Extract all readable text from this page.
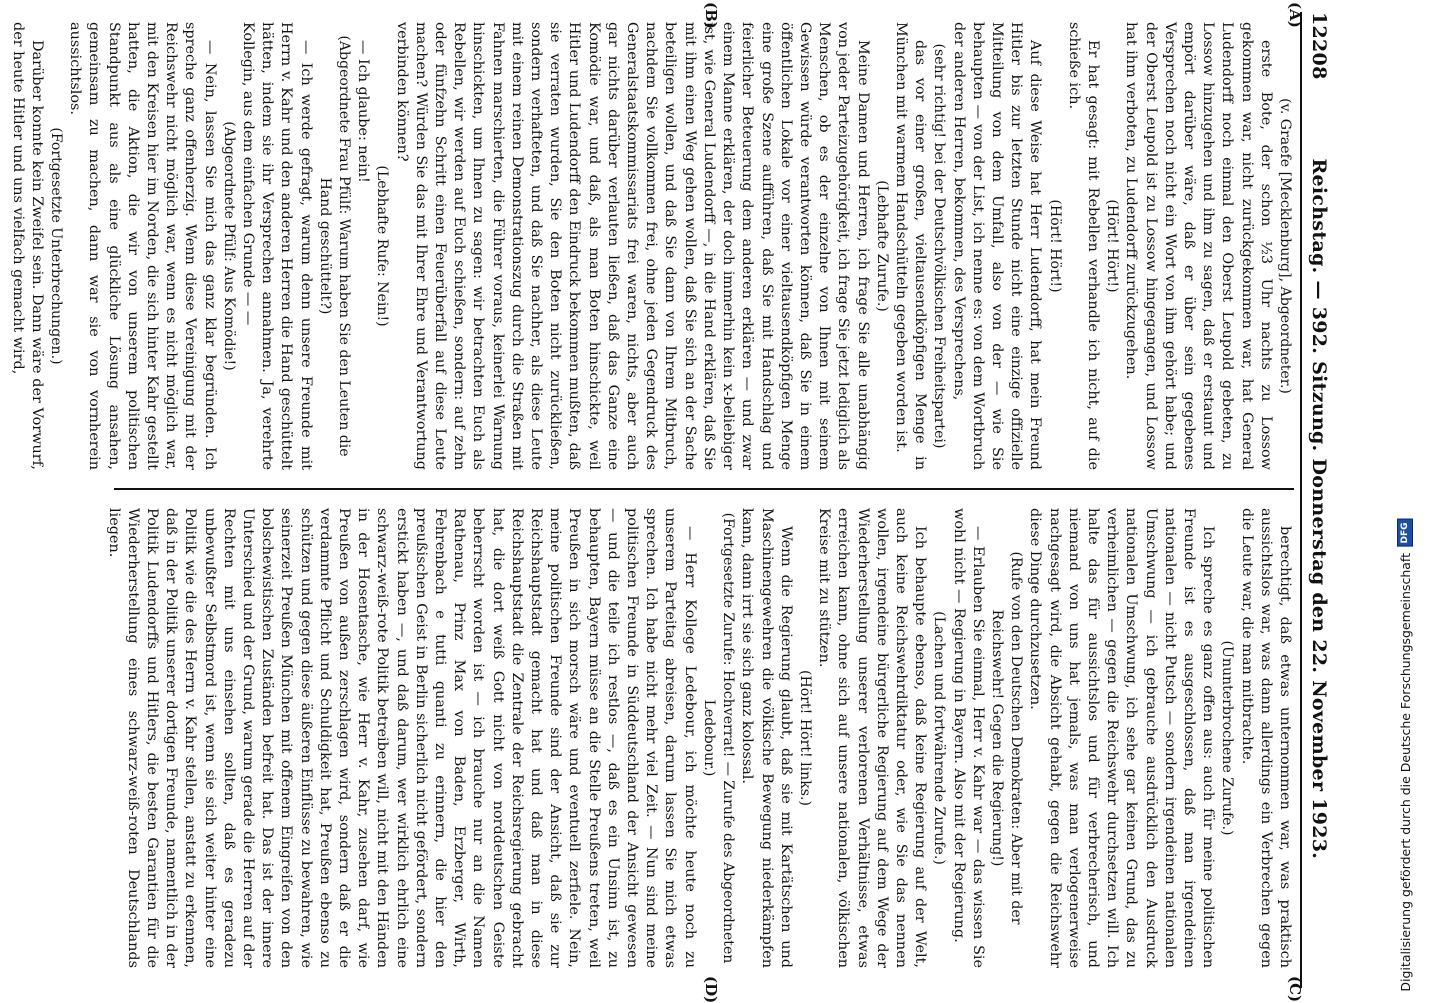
12208
Reichstag. — 392. Sitzung. Donnerstag den 22. November 1923.
(A)
(B)
(C)
(D)

(v. Graefe [Mecklenburg], Abgeordneter.)

erste Bote, der schon ½3 Uhr nachts zu Lossow gekommen war, nicht zurückgekommen war, hat General Ludendorff noch einmal den Oberst Leupold gebeten, zu Lossow hinzugehen und ihm zu sagen, daß er erstaunt und empört darüber wäre, daß er über sein gegebenes Versprechen noch nicht ein Wort von ihm gehört habe; und der Oberst Leupold ist zu Lossow hingegangen, und Lossow hat ihm verboten, zu Ludendorff zurückzugehen.

(Hört! Hört!)

Er hat gesagt: mit Rebellen verhandle ich nicht, auf die schieße ich.

(Hört! Hört!)

Auf diese Weise hat Herr Ludendorff, hat mein Freund Hitler bis zur letzten Stunde nicht eine einzige offizielle Mitteilung von dem Umfall, also von der — wie Sie behaupten — von der List, ich nenne es: von dem Wortbruch der anderen Herren, bekommen, des Versprechens,

(sehr richtig! bei der Deutschvölkischen Freiheitspartei)

das vor einer großen, vieltausendköpfigen Menge in München mit warmem Handschütteln gegeben worden ist.

(Lebhafte Zurufe.)

Meine Damen und Herren, ich frage Sie alle unabhängig von jeder Parteizugehörigkeit, ich frage Sie jetzt lediglich als Menschen, ob es der einzelne von Ihnen mit seinem Gewissen würde verantworten können, daß Sie in einem öffentlichen Lokale vor einer vieltausendköpfigen Menge eine große Szene aufführen, daß Sie mit Handschlag und feierlicher Beteuerung dem anderen erklären — und zwar einem Manne erklären, der doch immerhin kein x-beliebiger ist, wie General Ludendorff —, in die Hand erklären, daß Sie mit ihm einen Weg gehen wollen, daß Sie sich an der Sache beteiligen wollen, und daß Sie dann von Ihrem Mitbruch, nachdem Sie vollkommen frei, ohne jeden Gegendruck des Generalstaatskommissariats frei waren, nichts, aber auch gar nichts darüber verlauten ließen, daß das Ganze eine Komödie war, und daß, als man Boten hinschickte, weil Hitler und Ludendorff den Eindruck bekommen mußten, daß sie verraten wurden, Sie den Boten nicht zurückließen, sondern verhafteten, und daß Sie nachher, als diese Leute mit einem reinen Demonstrationszug durch die Straßen mit Fahnen marschierten, die Führer voraus, keinerlei Warnung hinschickten, um Ihnen zu sagen: wir betrachten Euch als Rebellen, wir werden auf Euch schießen, sondern: auf zehn oder fünfzehn Schritt einen Feuerüberfall auf diese Leute machen? Würden Sie das mit Ihrer Ehre und Verantwortung verbinden können?

(Lebhafte Rufe: Nein!)

— Ich glaube: nein!

(Abgeordnete Frau Pfülf: Warum haben Sie den Leuten die Hand geschüttelt?)

— Ich werde gefragt, warum denn unsere Freunde mit Herrn v. Kahr und den anderen Herren die Hand geschüttelt hätten, indem sie ihr Versprechen annahmen. Ja, verehrte Kollegin, aus dem einfachen Grunde — —

(Abgeordnete Pfülf: Aus Komödie!)

— Nein, lassen Sie mich das ganz klar begründen. Ich spreche ganz offenherzig. Wenn diese Vereinigung mit der Reichswehr nicht möglich war, wenn es nicht möglich war, mit den Kreisen hier im Norden, die sich hinter Kahr gestellt hatten, die Aktion, die wir von unserem politischen Standpunkt aus als eine glückliche Lösung ansahen, gemeinsam zu machen, dann war sie von vornherein aussichtslos.

(Fortgesetzte Unterbrechungen.)

Darüber konnte kein Zweifel sein. Dann wäre der Vorwurf, der heute Hitler und uns vielfach gemacht wird,

berechtigt, daß etwas unternommen war, was praktisch aussichtslos war, was dann allerdings ein Verbrechen gegen die Leute war, die man mitbrachte.

(Ununterbrochene Zurufe.)

Ich spreche es ganz offen aus: auch für meine politischen Freunde ist es ausgeschlossen, daß man irgendeinen nationalen — nicht Putsch — sondern irgendeinen nationalen Umschwung — ich gebrauche ausdrücklich den Ausdruck nationalen Umschwung, ich sehe gar keinen Grund, das zu verheimlichen — gegen die Reichswehr durchsetzen will. Ich halte das für aussichtslos und für verbrecherisch, und niemand von uns hat jemals, was man verlogenerweise nachgesagt wird, die Absicht gehabt, gegen die Reichswehr diese Dinge durchzusetzen.

(Rufe von den Deutschen Demokraten: Aber mit der Reichswehr! Gegen die Regierung!)

— Erlauben Sie einmal, Herr v. Kahr war — das wissen Sie wohl nicht — Regierung in Bayern. Also mit der Regierung.

(Lachen und fortwährende Zurufe.)

Ich behaupte ebenso, daß keine Regierung auf der Welt, auch keine Reichswehrdiktatur oder, wie Sie das nennen wollen, irgendeine bürgerliche Regierung auf dem Wege der Wiederherstellung unserer verlorenen Verhältnisse, etwas erreichen kann, ohne sich auf unsere nationalen, völkischen Kreise mit zu stützen.

(Hört! Hört! links.)

Wenn die Regierung glaubt, daß sie mit Kartätschen und Maschinengewehren die völkische Bewegung niederkämpfen kann, dann irrt sie sich ganz kolossal.

(Fortgesetzte Zurufe: Hochverrat! — Zurufe des Abgeordneten Ledebour.)

— Herr Kollege Ledebour, ich möchte heute noch zu unserem Parteitag abreisen, darum lassen Sie mich etwas sprechen. Ich habe nicht mehr viel Zeit. — Nun sind meine politischen Freunde in Süddeutschland der Ansicht gewesen — und die teile ich restlos —, daß es ein Unsinn ist, zu behaupten, Bayern müsse an die Stelle Preußens treten, weil Preußen in sich morsch wäre und eventuell zerfiele. Nein, meine politischen Freunde sind der Ansicht, daß sie zur Reichshauptstadt gemacht hat und daß man in diese Reichshauptstadt die Zentrale der Reichsregierung gebracht hat, die dort weiß Gott nicht von norddeutschen Geiste beherrscht worden ist — ich brauche nur an die Namen Rathenau, Prinz Max von Baden, Erzberger, Wirth, Fehrenbach e tutti quanti zu erinnern, die hier den preußischen Geist in Berlin sicherlich nicht gefördert, sondern erstickt haben —, und daß darum, wer wirklich ehrlich eine schwarz-weiß-rote Politik betreiben will, nicht mit den Händen in der Hosentasche, wie Herr v. Kahr, zusehen darf, wie Preußen von außen zerschlagen wird, sondern daß er die verdammte Pflicht und Schuldigkeit hat, Preußen ebenso zu schützen und gegen diese äußeren Einflüsse zu bewahren, wie seinerzeit Preußen München mit offenem Eingreifen von den bolschewistischen Zuständen befreit hat. Das ist der innere Unterschied und der Grund, warum gerade die Herren auf der Rechten mit uns einsehen sollten, daß es geradezu unbewußter Selbstmord ist, wenn sie sich weiter hinter eine Politik wie die des Herrn v. Kahr stellen, anstatt zu erkennen, daß in der Politik unserer dortigen Freunde, namentlich in der Politik Ludendorffs und Hitlers, die besten Garantien für die Wiederherstellung eines schwarz-weiß-roten Deutschlands liegen.

Digitalisierung gefördert durch die Deutsche Forschungsgemeinschaft
DFG
